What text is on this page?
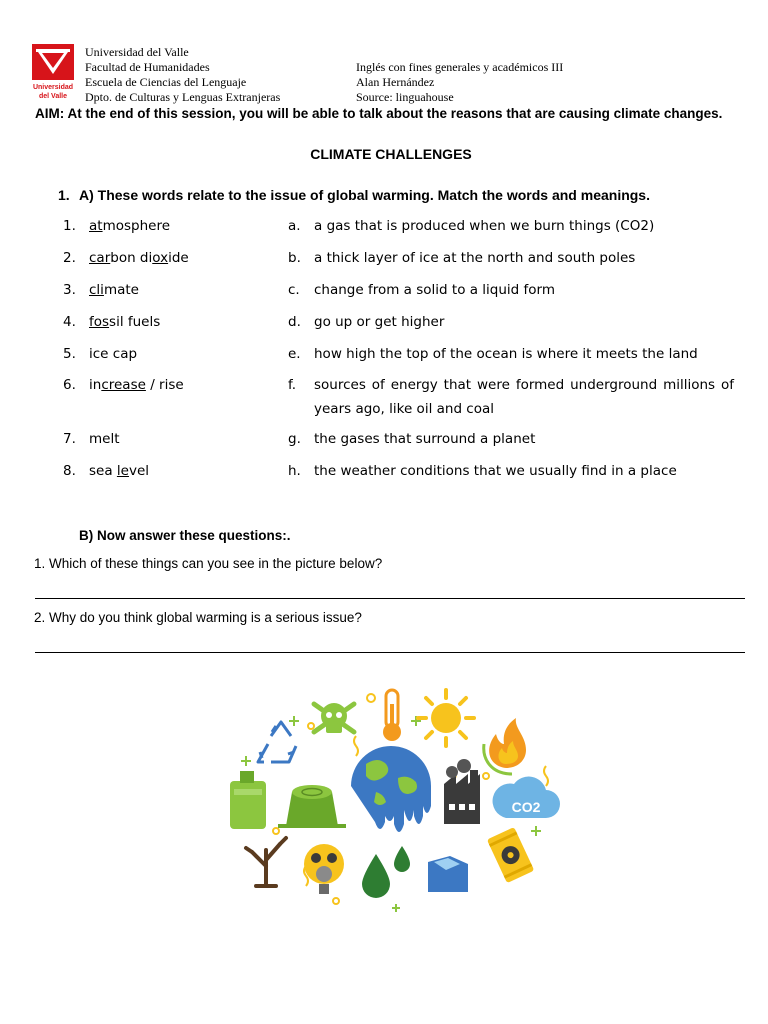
Universidad
del Valle
Universidad del Valle
Facultad de Humanidades
Escuela de Ciencias del Lenguaje
Dpto. de Culturas y Lenguas Extranjeras
Inglés con fines generales y académicos III
Alan Hernández
Source: linguahouse
AIM: At the end of this session, you will be able to talk about the reasons that are causing climate changes.
CLIMATE CHALLENGES
1. A) These words relate to the issue of global warming. Match the words and meanings.
1. atmosphere
2. carbon dioxide
3. climate
4. fossil fuels
5. ice cap
6. increase / rise
7. melt
8. sea level
a. a gas that is produced when we burn things (CO2)
b. a thick layer of ice at the north and south poles
c. change from a solid to a liquid form
d. go up or get higher
e. how high the top of the ocean is where it meets the land
f. sources of energy that were formed underground millions of years ago, like oil and coal
g. the gases that surround a planet
h. the weather conditions that we usually find in a place
B) Now answer these questions:.
1. Which of these things can you see in the picture below?
2. Why do you think global warming is a serious issue?
CO2
